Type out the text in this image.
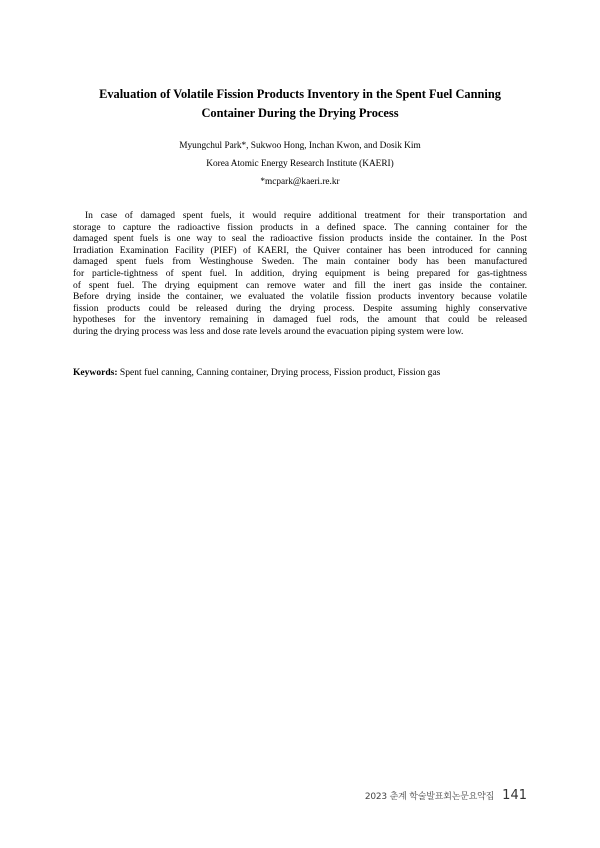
Evaluation of Volatile Fission Products Inventory in the Spent Fuel Canning
Container During the Drying Process
Myungchul Park*, Sukwoo Hong, Inchan Kwon, and Dosik Kim
Korea Atomic Energy Research Institute (KAERI)
*mcpark@kaeri.re.kr
In case of damaged spent fuels, it would require additional treatment for their transportation and
storage to capture the radioactive fission products in a defined space. The canning container for the
damaged spent fuels is one way to seal the radioactive fission products inside the container. In the Post
Irradiation Examination Facility (PIEF) of KAERI, the Quiver container has been introduced for canning
damaged spent fuels from Westinghouse Sweden. The main container body has been manufactured
for particle-tightness of spent fuel. In addition, drying equipment is being prepared for gas-tightness
of spent fuel. The drying equipment can remove water and fill the inert gas inside the container.
Before drying inside the container, we evaluated the volatile fission products inventory because volatile
fission products could be released during the drying process. Despite assuming highly conservative
hypotheses for the inventory remaining in damaged fuel rods, the amount that could be released
during the drying process was less and dose rate levels around the evacuation piping system were low.
Keywords: Spent fuel canning, Canning container, Drying process, Fission product, Fission gas
2023 춘계 학술발표회논문요약집 141
